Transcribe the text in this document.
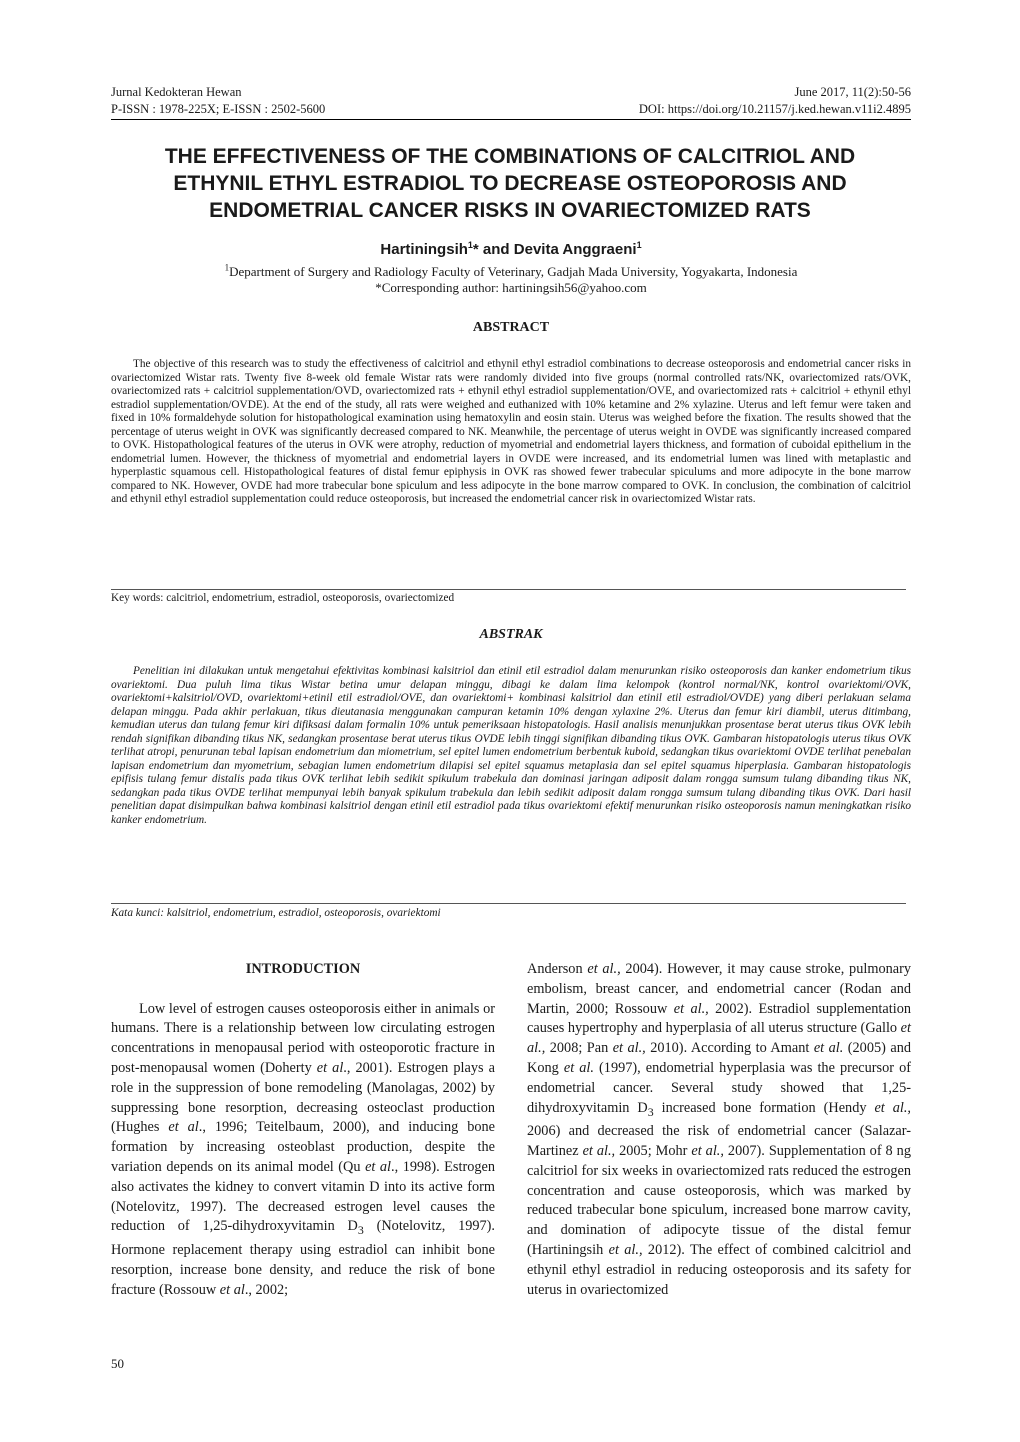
Jurnal Kedokteran Hewan	June 2017, 11(2):50-56
P-ISSN : 1978-225X; E-ISSN : 2502-5600	DOI: https://doi.org/10.21157/j.ked.hewan.v11i2.4895
THE EFFECTIVENESS OF THE COMBINATIONS OF CALCITRIOL AND
ETHYNIL ETHYL ESTRADIOL TO DECREASE OSTEOPOROSIS AND
ENDOMETRIAL CANCER RISKS IN OVARIECTOMIZED RATS
Hartiningsih$^1$* and Devita Anggraeni$^1$
$^1$Department of Surgery and Radiology Faculty of Veterinary, Gadjah Mada University, Yogyakarta, Indonesia
*Corresponding author: hartiningsih56@yahoo.com
ABSTRACT
The objective of this research was to study the effectiveness of calcitriol and ethynil ethyl estradiol combinations to decrease osteoporosis and endometrial cancer risks in ovariectomized Wistar rats. Twenty five 8-week old female Wistar rats were randomly divided into five groups (normal controlled rats/NK, ovariectomized rats/OVK, ovariectomized rats + calcitriol supplementation/OVD, ovariectomized rats + ethynil ethyl estradiol supplementation/OVE, and ovariectomized rats + calcitriol + ethynil ethyl estradiol supplementation/OVDE). At the end of the study, all rats were weighed and euthanized with 10% ketamine and 2% xylazine. Uterus and left femur were taken and fixed in 10% formaldehyde solution for histopathological examination using hematoxylin and eosin stain. Uterus was weighed before the fixation. The results showed that the percentage of uterus weight in OVK was significantly decreased compared to NK. Meanwhile, the percentage of uterus weight in OVDE was significantly increased compared to OVK. Histopathological features of the uterus in OVK were atrophy, reduction of myometrial and endometrial layers thickness, and formation of cuboidal epithelium in the endometrial lumen. However, the thickness of myometrial and endometrial layers in OVDE were increased, and its endometrial lumen was lined with metaplastic and hyperplastic squamous cell. Histopathological features of distal femur epiphysis in OVK ras showed fewer trabecular spiculums and more adipocyte in the bone marrow compared to NK. However, OVDE had more trabecular bone spiculum and less adipocyte in the bone marrow compared to OVK. In conclusion, the combination of calcitriol and ethynil ethyl estradiol supplementation could reduce osteoporosis, but increased the endometrial cancer risk in ovariectomized Wistar rats.
Key words: calcitriol, endometrium, estradiol, osteoporosis, ovariectomized
ABSTRAK
Penelitian ini dilakukan untuk mengetahui efektivitas kombinasi kalsitriol dan etinil etil estradiol dalam menurunkan risiko osteoporosis dan kanker endometrium tikus ovariektomi. Dua puluh lima tikus Wistar betina umur delapan minggu, dibagi ke dalam lima kelompok (kontrol normal/NK, kontrol ovariektomi/OVK, ovariektomi+kalsitriol/OVD, ovariektomi+etinil etil estradiol/OVE, dan ovariektomi+ kombinasi kalsitriol dan etinil etil estradiol/OVDE) yang diberi perlakuan selama delapan minggu. Pada akhir perlakuan, tikus dieutanasia menggunakan campuran ketamin 10% dengan xylaxine 2%. Uterus dan femur kiri diambil, uterus ditimbang, kemudian uterus dan tulang femur kiri difiksasi dalam formalin 10% untuk pemeriksaan histopatologis. Hasil analisis menunjukkan prosentase berat uterus tikus OVK lebih rendah signifikan dibanding tikus NK, sedangkan prosentase berat uterus tikus OVDE lebih tinggi signifikan dibanding tikus OVK. Gambaran histopatologis uterus tikus OVK terlihat atropi, penurunan tebal lapisan endometrium dan miometrium, sel epitel lumen endometrium berbentuk kuboid, sedangkan tikus ovariektomi OVDE terlihat penebalan lapisan endometrium dan myometrium, sebagian lumen endometrium dilapisi sel epitel squamus metaplasia dan sel epitel squamus hiperplasia. Gambaran histopatologis epifisis tulang femur distalis pada tikus OVK terlihat lebih sedikit spikulum trabekula dan dominasi jaringan adiposit dalam rongga sumsum tulang dibanding tikus NK, sedangkan pada tikus OVDE terlihat mempunyai lebih banyak spikulum trabekula dan lebih sedikit adiposit dalam rongga sumsum tulang dibanding tikus OVK. Dari hasil penelitian dapat disimpulkan bahwa kombinasi kalsitriol dengan etinil etil estradiol pada tikus ovariektomi efektif menurunkan risiko osteoporosis namun meningkatkan risiko kanker endometrium.
Kata kunci: kalsitriol, endometrium, estradiol, osteoporosis, ovariektomi

INTRODUCTION

Low level of estrogen causes osteoporosis either in animals or humans. There is a relationship between low circulating estrogen concentrations in menopausal period with osteoporotic fracture in post-menopausal women (Doherty et al., 2001). Estrogen plays a role in the suppression of bone remodeling (Manolagas, 2002) by suppressing bone resorption, decreasing osteoclast production (Hughes et al., 1996; Teitelbaum, 2000), and inducing bone formation by increasing osteoblast production, despite the variation depends on its animal model (Qu et al., 1998). Estrogen also activates the kidney to convert vitamin D into its active form (Notelovitz, 1997). The decreased estrogen level causes the reduction of 1,25-dihydroxyvitamin $D_3$ (Notelovitz, 1997). Hormone replacement therapy using estradiol can inhibit bone resorption, increase bone density, and reduce the risk of bone fracture (Rossouw et al., 2002;

Anderson et al., 2004). However, it may cause stroke, pulmonary embolism, breast cancer, and endometrial cancer (Rodan and Martin, 2000; Rossouw et al., 2002). Estradiol supplementation causes hypertrophy and hyperplasia of all uterus structure (Gallo et al., 2008; Pan et al., 2010). According to Amant et al. (2005) and Kong et al. (1997), endometrial hyperplasia was the precursor of endometrial cancer. Several study showed that 1,25-dihydroxyvitamin $D_3$ increased bone formation (Hendy et al., 2006) and decreased the risk of endometrial cancer (Salazar-Martinez et al., 2005; Mohr et al., 2007). Supplementation of 8 ng calcitriol for six weeks in ovariectomized rats reduced the estrogen concentration and cause osteoporosis, which was marked by reduced trabecular bone spiculum, increased bone marrow cavity, and domination of adipocyte tissue of the distal femur (Hartiningsih et al., 2012). The effect of combined calcitriol and ethynil ethyl estradiol in reducing osteoporosis and its safety for uterus in ovariectomized

50
